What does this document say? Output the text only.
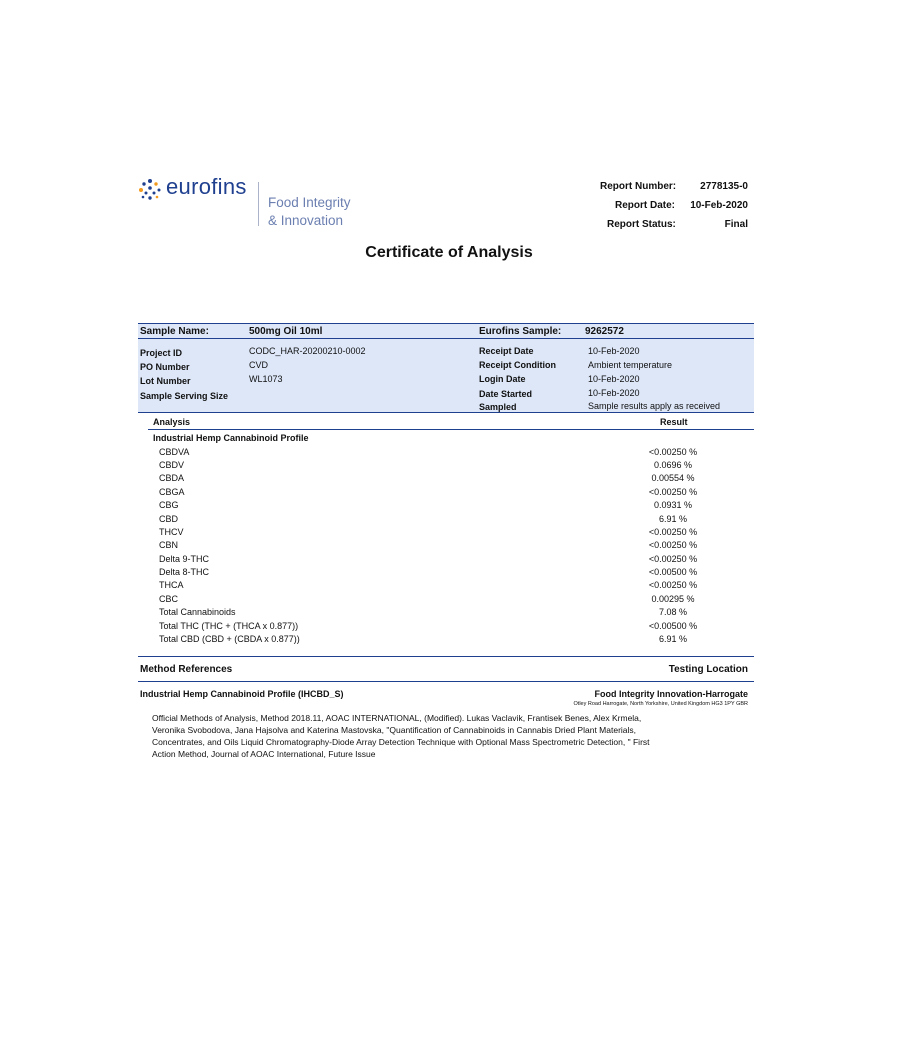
eurofins
Food Integrity
& Innovation
Report Number: 2778135-0
Report Date: 10-Feb-2020
Report Status:	Final
Certificate of Analysis
Sample Name:	500mg Oil 10ml	Eurofins Sample: 9262572
Project ID	CODC_HAR-20200210-0002
PO Number	CVD
Lot Number	WL1073
Sample Serving Size
Receipt Date	10-Feb-2020
Receipt Condition	Ambient temperature
Login Date	10-Feb-2020
Date Started	10-Feb-2020
Sampled	Sample results apply as received
Analysis	Result
Industrial Hemp Cannabinoid Profile
CBDVA	<0.00250 %
CBDV	0.0696 %
CBDA	0.00554 %
CBGA	<0.00250 %
CBG	0.0931 %
CBD	6.91 %
THCV	<0.00250 %
CBN	<0.00250 %
Delta 9-THC	<0.00250 %
Delta 8-THC	<0.00500 %
THCA	<0.00250 %
CBC	0.00295 %
Total Cannabinoids	7.08 %
Total THC (THC + (THCA x 0.877))	<0.00500 %
Total CBD (CBD + (CBDA x 0.877))	6.91 %
Method References	Testing Location
Industrial Hemp Cannabinoid Profile (IHCBD_S)	Food Integrity Innovation-Harrogate
Otley Road Harrogate, North Yorkshire, United Kingdom HG3 1PY GBR
Official Methods of Analysis, Method 2018.11, AOAC INTERNATIONAL, (Modified). Lukas Vaclavik, Frantisek Benes, Alex Krmela, Veronika Svobodova, Jana Hajsolva and Katerina Mastovska, "Quantification of Cannabinoids in Cannabis Dried Plant Materials, Concentrates, and Oils Liquid Chromatography-Diode Array Detection Technique with Optional Mass Spectrometric Detection, " First Action Method, Journal of AOAC International, Future Issue
